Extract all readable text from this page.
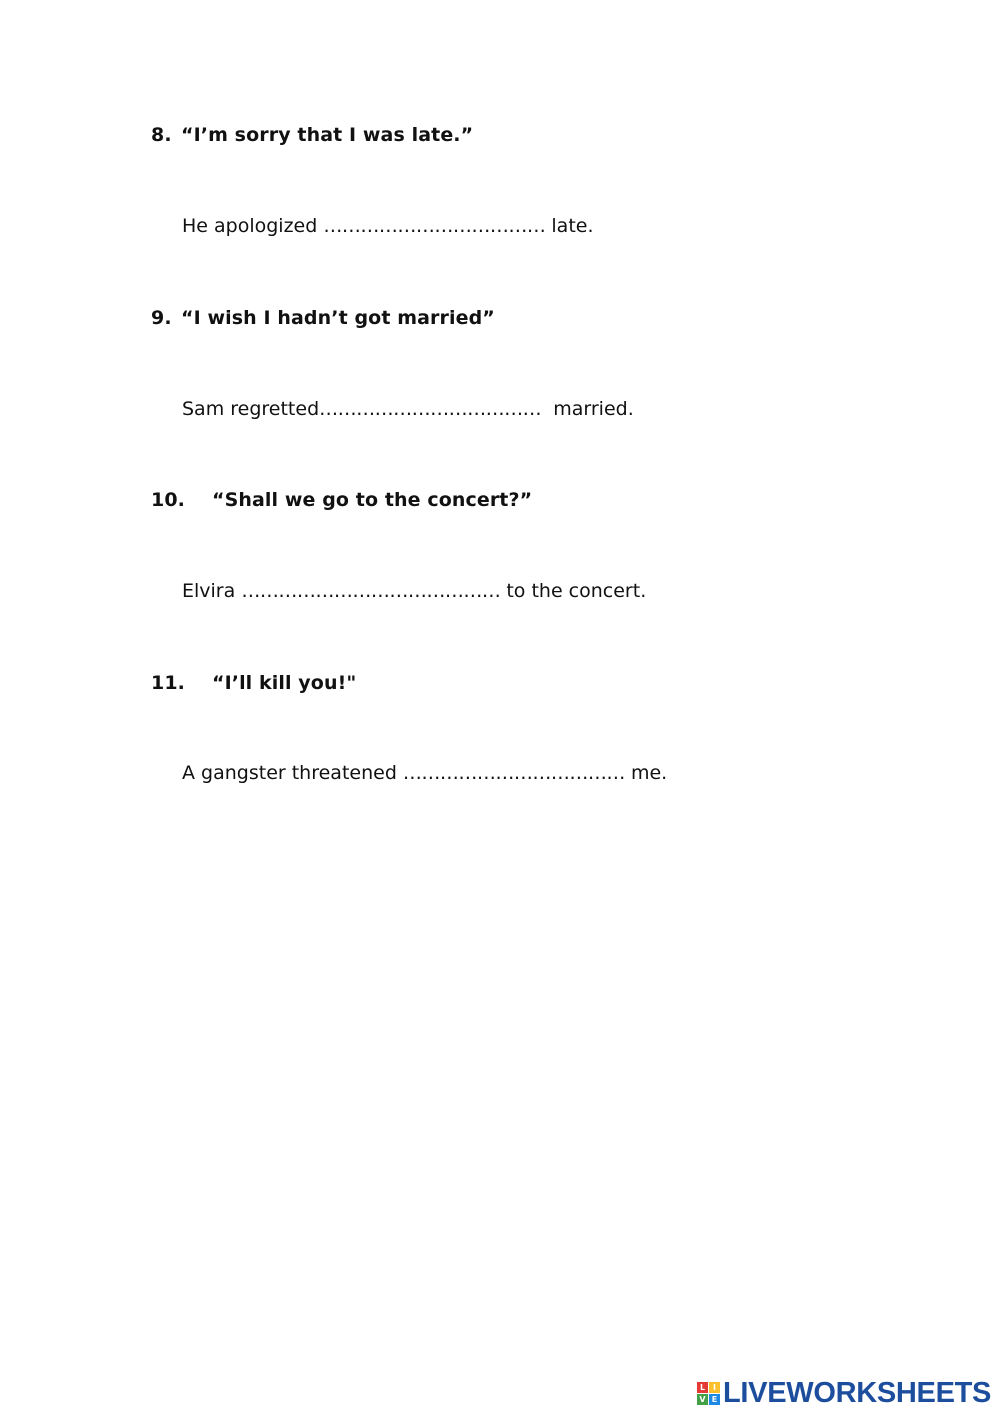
8. “I’m sorry that I was late.”
He apologized ……………………………… late.
9. “I wish I hadn’t got married”
Sam regretted………………………………  married.
10. “Shall we go to the concert?”
Elvira …………………………………… to the concert.
11. “I’ll kill you!"
A gangster threatened ……………………………… me.
L I
V E LIVEWORKSHEETS
